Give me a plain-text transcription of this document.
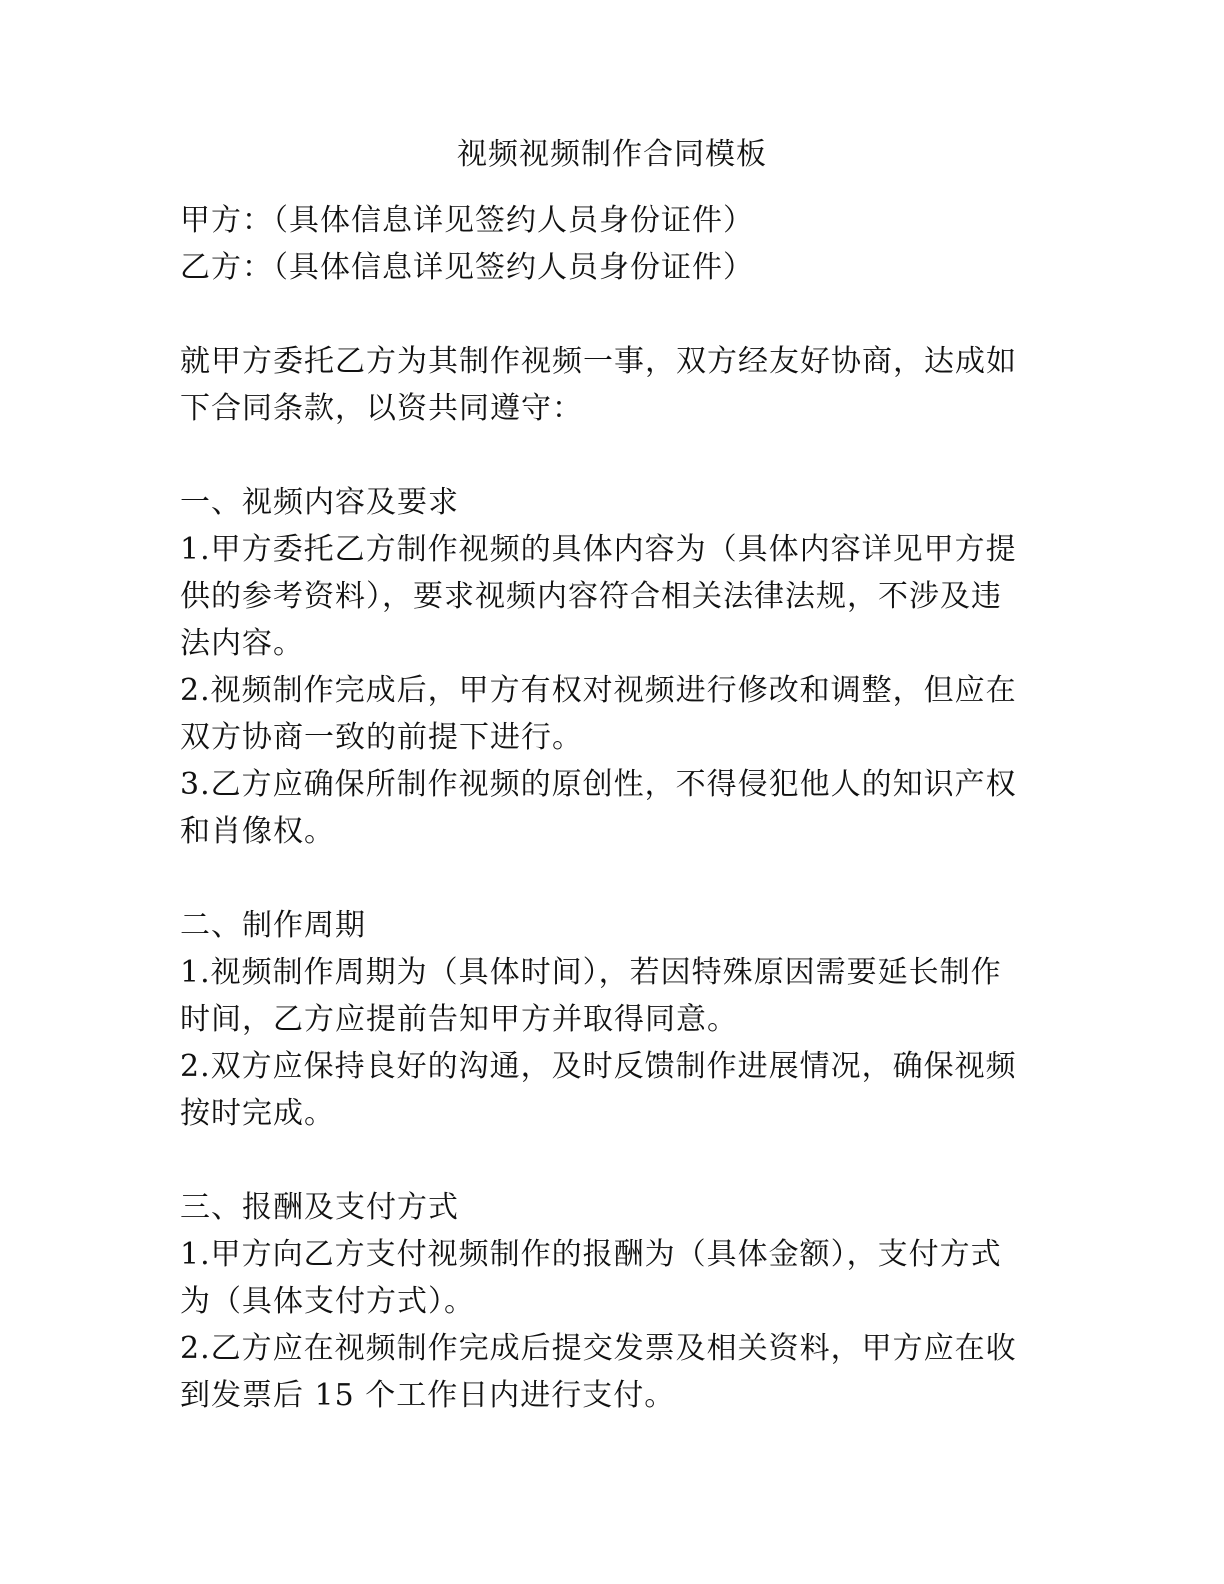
视频视频制作合同模板
甲方：（具体信息详见签约人员身份证件）
乙方：（具体信息详见签约人员身份证件）
就甲方委托乙方为其制作视频一事，双方经友好协商，达成如
下合同条款，以资共同遵守：
一、视频内容及要求
1.甲方委托乙方制作视频的具体内容为（具体内容详见甲方提
供的参考资料），要求视频内容符合相关法律法规，不涉及违
法内容。
2.视频制作完成后，甲方有权对视频进行修改和调整，但应在
双方协商一致的前提下进行。
3.乙方应确保所制作视频的原创性，不得侵犯他人的知识产权
和肖像权。
二、制作周期
1.视频制作周期为（具体时间），若因特殊原因需要延长制作
时间，乙方应提前告知甲方并取得同意。
2.双方应保持良好的沟通，及时反馈制作进展情况，确保视频
按时完成。
三、报酬及支付方式
1.甲方向乙方支付视频制作的报酬为（具体金额），支付方式
为（具体支付方式）。
2.乙方应在视频制作完成后提交发票及相关资料，甲方应在收
到发票后 15 个工作日内进行支付。
